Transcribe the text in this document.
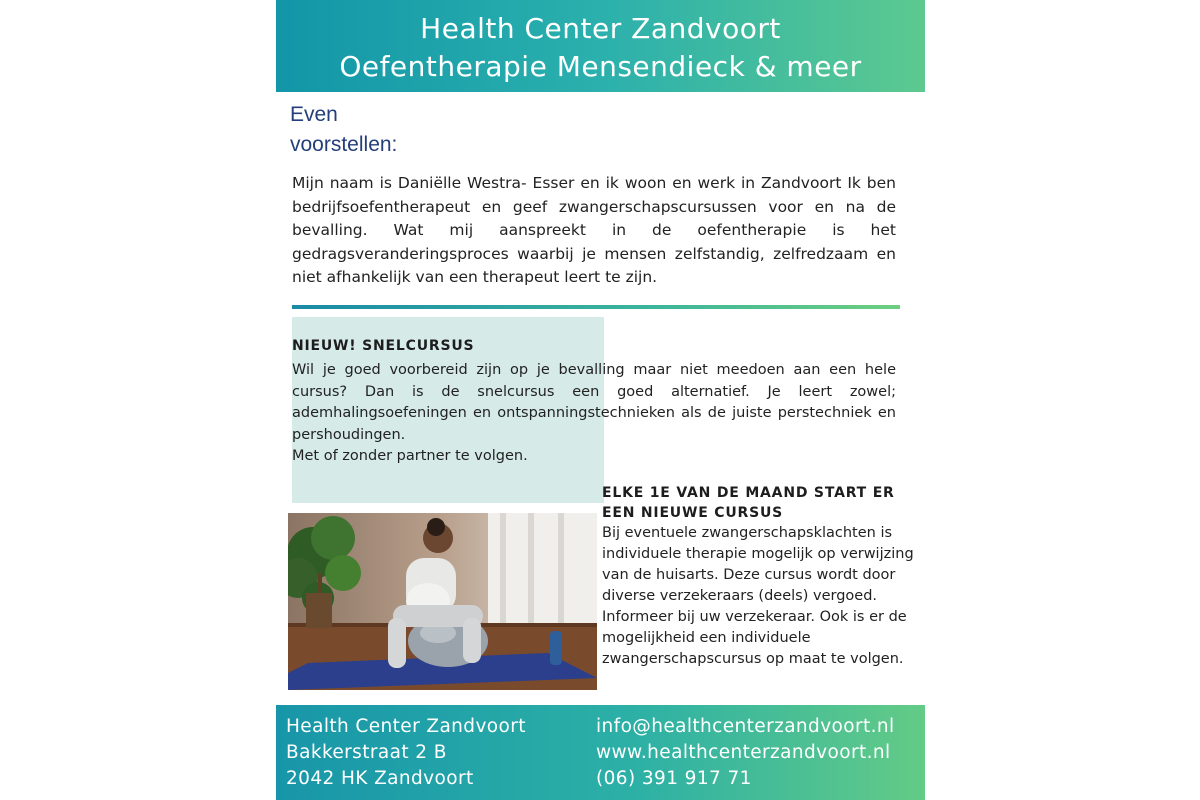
Health Center Zandvoort
Oefentherapie Mensendieck & meer
Even
voorstellen:
Mijn naam is Daniëlle Westra- Esser en ik woon en werk in Zandvoort Ik ben bedrijfsoefentherapeut en geef zwangerschapscursussen voor en na de bevalling. Wat mij aanspreekt in de oefentherapie is het gedragsveranderingsproces waarbij je mensen zelfstandig, zelfredzaam en niet afhankelijk van een therapeut leert te zijn.
NIEUW! SNELCURSUS
Wil je goed voorbereid zijn op je bevalling maar niet meedoen aan een hele cursus? Dan is de snelcursus een goed alternatief. Je leert zowel; ademhalingsoefeningen en ontspanningstechnieken als de juiste perstechniek en pershoudingen.
Met of zonder partner te volgen.
ELKE 1E VAN DE MAAND START ER EEN NIEUWE CURSUS
Bij eventuele zwangerschapsklachten is individuele therapie mogelijk op verwijzing van de huisarts. Deze cursus wordt door diverse verzekeraars (deels) vergoed. Informeer bij uw verzekeraar. Ook is er de mogelijkheid een individuele zwangerschapscursus op maat te volgen.
Health Center Zandvoort
Bakkerstraat 2 B
2042 HK Zandvoort
info@healthcenterzandvoort.nl
www.healthcenterzandvoort.nl
(06) 391 917 71
